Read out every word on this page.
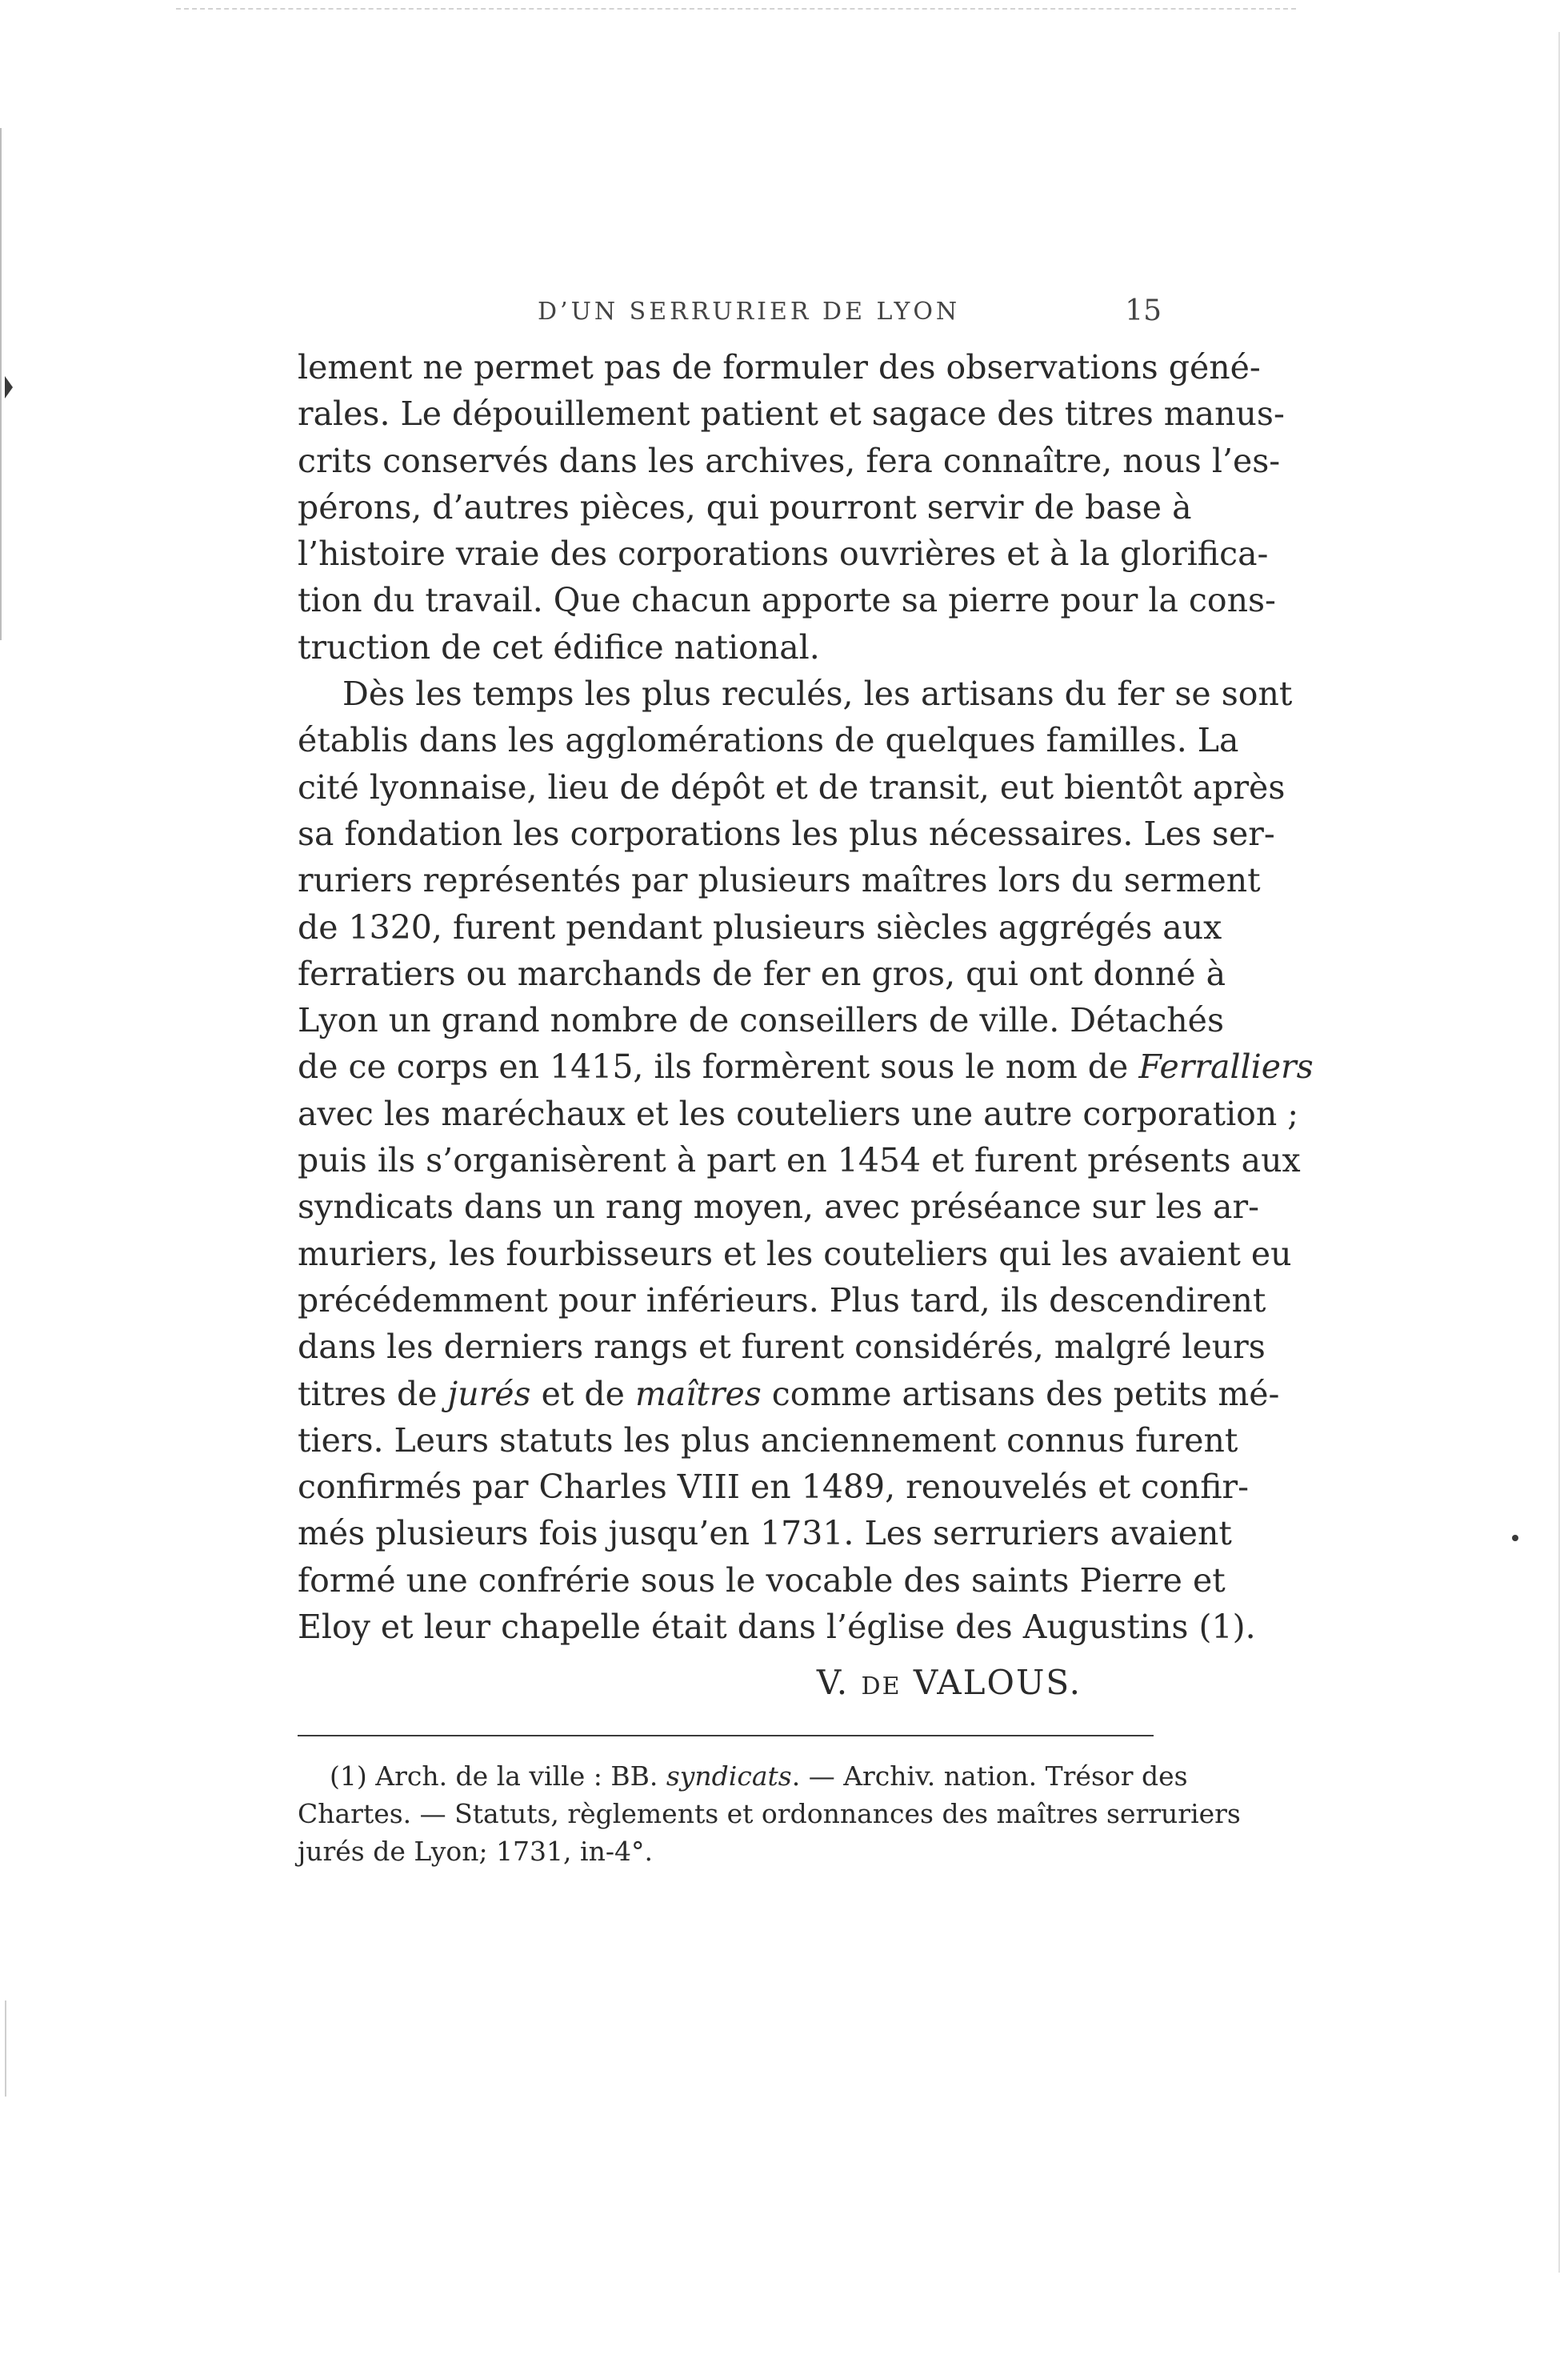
D’UN SERRURIER DE LYON	15
lement ne permet pas de formuler des observations géné-
rales. Le dépouillement patient et sagace des titres manus-
crits conservés dans les archives, fera connaître, nous l’es-
pérons, d’autres pièces, qui pourront servir de base à
l’histoire vraie des corporations ouvrières et à la glorifica-
tion du travail. Que chacun apporte sa pierre pour la cons-
truction de cet édifice national.
Dès les temps les plus reculés, les artisans du fer se sont
établis dans les agglomérations de quelques familles. La
cité lyonnaise, lieu de dépôt et de transit, eut bientôt après
sa fondation les corporations les plus nécessaires. Les ser-
ruriers représentés par plusieurs maîtres lors du serment
de 1320, furent pendant plusieurs siècles aggrégés aux
ferratiers ou marchands de fer en gros, qui ont donné à
Lyon un grand nombre de conseillers de ville. Détachés
de ce corps en 1415, ils formèrent sous le nom de Ferralliers
avec les maréchaux et les couteliers une autre corporation ;
puis ils s’organisèrent à part en 1454 et furent présents aux
syndicats dans un rang moyen, avec préséance sur les ar-
muriers, les fourbisseurs et les couteliers qui les avaient eu
précédemment pour inférieurs. Plus tard, ils descendirent
dans les derniers rangs et furent considérés, malgré leurs
titres de jurés et de maîtres comme artisans des petits mé-
tiers. Leurs statuts les plus anciennement connus furent
confirmés par Charles VIII en 1489, renouvelés et confir-
més plusieurs fois jusqu’en 1731. Les serruriers avaient
formé une confrérie sous le vocable des saints Pierre et
Eloy et leur chapelle était dans l’église des Augustins (1).
V. DE VALOUS.
(1) Arch. de la ville : BB. syndicats. — Archiv. nation. Trésor des
Chartes. — Statuts, règlements et ordonnances des maîtres serruriers
jurés de Lyon; 1731, in-4°.
